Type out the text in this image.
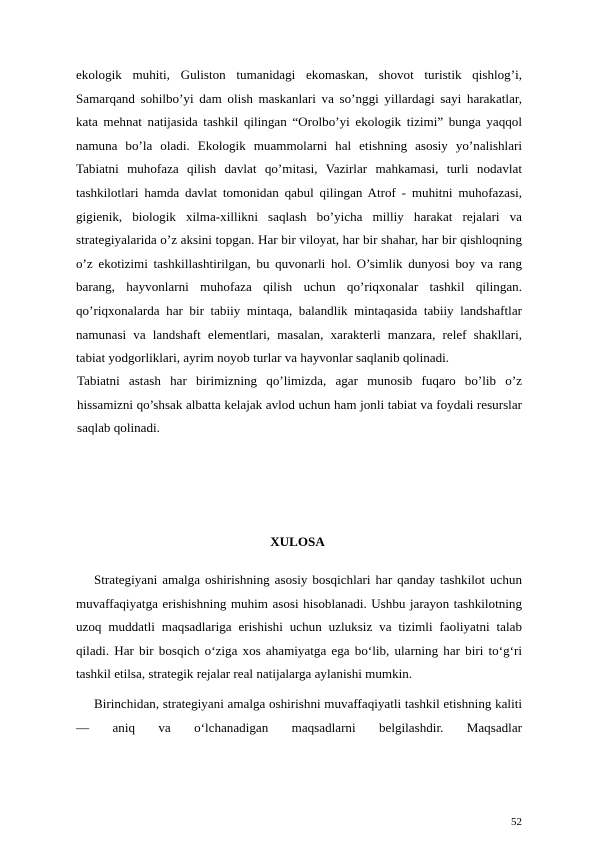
ekologik muhiti, Guliston tumanidagi ekomaskan, shovot turistik qishlog’i, Samarqand sohilbo’yi dam olish maskanlari va so’nggi yillardagi sayi harakatlar, kata mehnat natijasida tashkil qilingan “Orolbo’yi ekologik tizimi” bunga yaqqol namuna bo’la oladi. Ekologik muammolarni hal etishning asosiy yo’nalishlari Tabiatni muhofaza qilish davlat qo’mitasi, Vazirlar mahkamasi, turli nodavlat tashkilotlari hamda davlat tomonidan qabul qilingan Atrof - muhitni muhofazasi, gigienik, biologik xilma-xillikni saqlash bo’yicha milliy harakat rejalari va strategiyalarida o’z aksini topgan. Har bir viloyat, har bir shahar, har bir qishloqning o’z ekotizimi tashkillashtirilgan, bu quvonarli hol. O’simlik dunyosi boy va rang barang, hayvonlarni muhofaza qilish uchun qo’riqxonalar tashkil qilingan. qo’riqxonalarda har bir tabiiy mintaqa, balandlik mintaqasida tabiiy landshaftlar namunasi va landshaft elementlari, masalan, xarakterli manzara, relef shakllari, tabiat yodgorliklari, ayrim noyob turlar va hayvonlar saqlanib qolinadi.

Tabiatni astash har birimizning qo’limizda, agar munosib fuqaro bo’lib o’z hissamizni qo’shsak albatta kelajak avlod uchun ham jonli tabiat va foydali resurslar saqlab qolinadi.

XULOSA

Strategiyani amalga oshirishning asosiy bosqichlari har qanday tashkilot uchun muvaffaqiyatga erishishning muhim asosi hisoblanadi. Ushbu jarayon tashkilotning uzoq muddatli maqsadlariga erishishi uchun uzluksiz va tizimli faoliyatni talab qiladi. Har bir bosqich o‘ziga xos ahamiyatga ega bo‘lib, ularning har biri to‘g‘ri tashkil etilsa, strategik rejalar real natijalarga aylanishi mumkin.

Birinchidan, strategiyani amalga oshirishni muvaffaqiyatli tashkil etishning kaliti — aniq va o‘lchanadigan maqsadlarni belgilashdir. Maqsadlar

52
